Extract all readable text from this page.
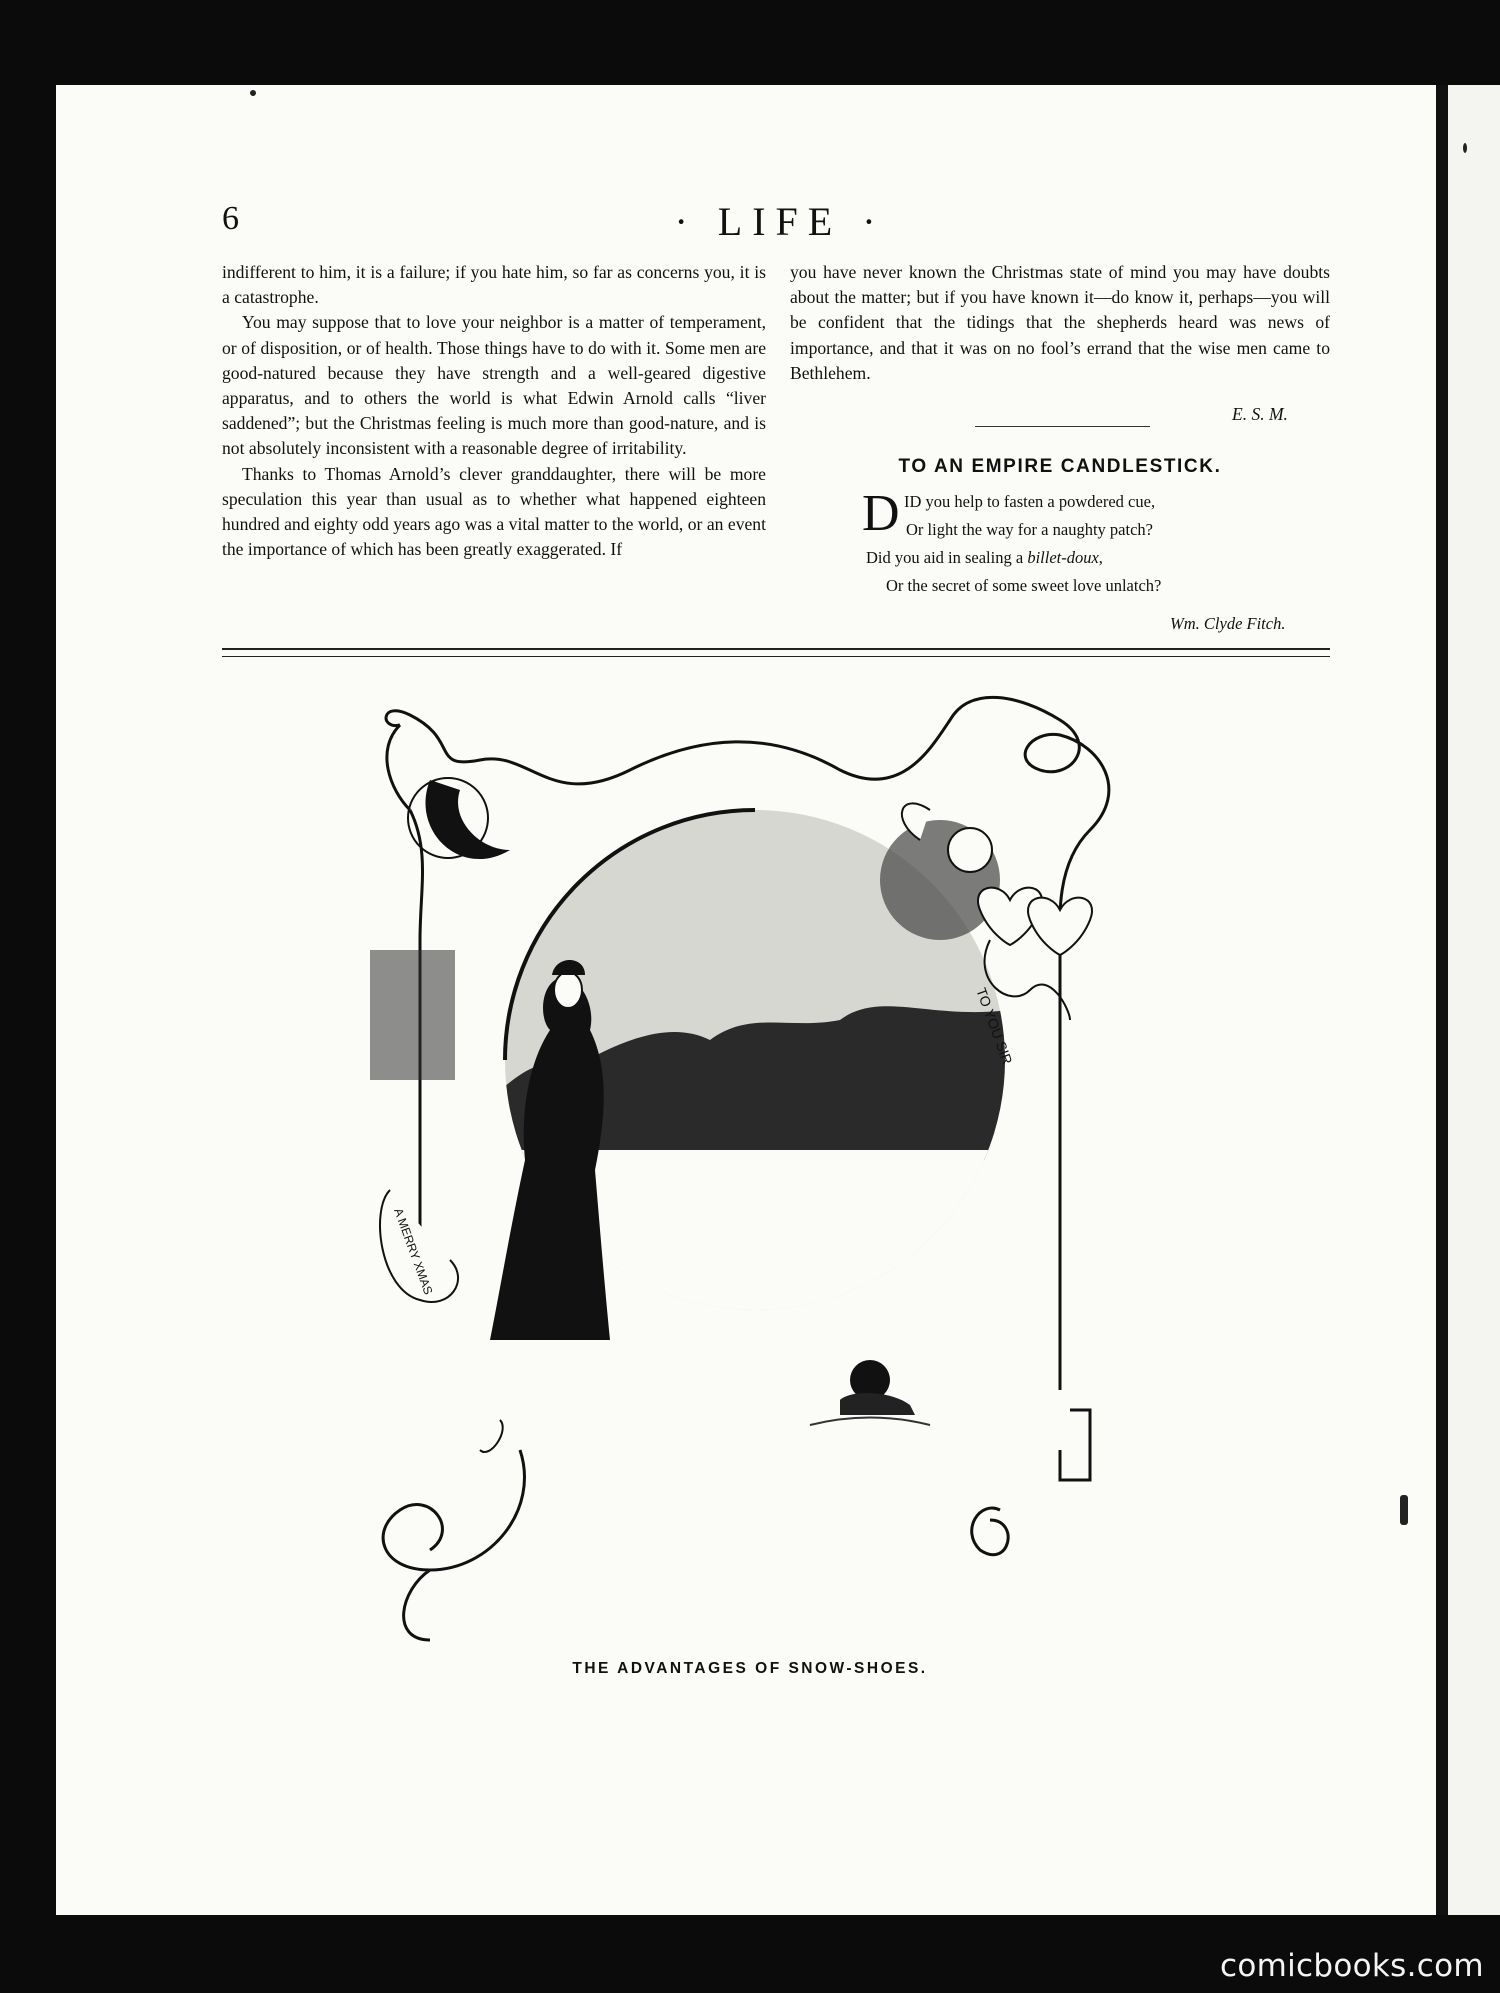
6	· LIFE ·

indifferent to him, it is a failure; if you hate him, so far as concerns you, it is a catastrophe.

You may suppose that to love your neighbor is a matter of temperament, or of disposition, or of health. Those things have to do with it. Some men are good-natured because they have strength and a well-geared digestive apparatus, and to others the world is what Edwin Arnold calls “liver saddened”; but the Christmas feeling is much more than good-nature, and is not absolutely inconsistent with a reasonable degree of irritability.

Thanks to Thomas Arnold’s clever granddaughter, there will be more speculation this year than usual as to whether what happened eighteen hundred and eighty odd years ago was a vital matter to the world, or an event the importance of which has been greatly exaggerated. If

you have never known the Christmas state of mind you may have doubts about the matter; but if you have known it—do know it, perhaps—you will be confident that the tidings that the shepherds heard was news of importance, and that it was on no fool’s errand that the wise men came to Bethlehem.

E. S. M.
TO AN EMPIRE CANDLESTICK.
D ID you help to fasten a powdered cue,
Or light the way for a naughty patch?
Did you aid in sealing a billet-doux,
Or the secret of some sweet love unlatch?
Wm. Clyde Fitch.
TO YOU SIR
A MERRY XMAS
THE ADVANTAGES OF SNOW-SHOES.
comicbooks.com
